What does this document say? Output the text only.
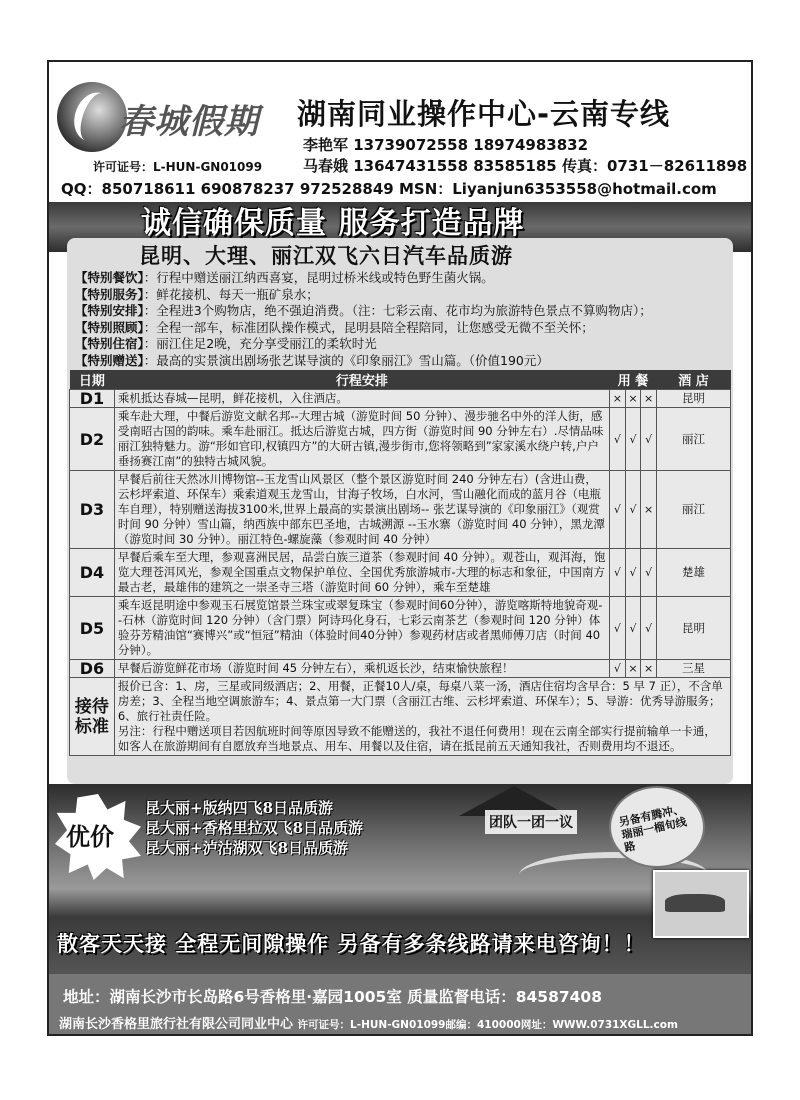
春城假期
许可证号：L-HUN-GN01099
湖南同业操作中心-云南专线
李艳军 13739072558 18974983832
马春娥 13647431558 83585185 传真：0731－82611898
QQ：850718611 690878237 972528849 MSN：Liyanjun6353558@hotmail.com
诚信确保质量 服务打造品牌
昆明、大理、丽江双飞六日汽车品质游
【特别餐饮】：行程中赠送丽江纳西喜宴，昆明过桥米线或特色野生菌火锅。
【特别服务】：鲜花接机、每天一瓶矿泉水；
【特别安排】：全程进3个购物店，绝不强迫消费。（注：七彩云南、花市均为旅游特色景点不算购物店）；
【特别照顾】：全程一部车，标准团队操作模式，昆明县陪全程陪同，让您感受无微不至关怀；
【特别住宿】：丽江住足2晚，充分享受丽江的柔软时光
【特别赠送】：最高的实景演出剧场张艺谋导演的《印象丽江》雪山篇。（价值190元）
日期	行程安排	用 餐			酒 店
D1	乘机抵达春城—昆明，鲜花接机，入住酒店。	×	×	×	昆明
D2	乘车赴大理，中餐后游览文献名邦--大理古城（游览时间 50 分钟）、漫步驰名中外的洋人街，感受南昭古国的韵味。乘车赴丽江。抵达后游览古城，四方街（游览时间 90 分钟左右）.尽情品味丽江独特魅力。游“形如官印,权镇四方”的大研古镇,漫步街市,您将领略到”家家溪水绕户转,户户垂扬赛江南”的独特古城风貌。	√	√	√	丽江
D3	早餐后前往天然冰川博物馆--玉龙雪山风景区（整个景区游览时间 240 分钟左右）(含进山费，云杉坪索道、环保车）乘索道观玉龙雪山，甘海子牧场，白水河，雪山融化而成的蓝月谷（电瓶车自理），特别赠送海拔3100米,世界上最高的实景演出剧场-- 张艺谋导演的《印象丽江》（观赏时间 90 分钟）雪山篇，纳西族中部东巴圣地，古城溯源 --玉水寨（游览时间 40 分钟），黑龙潭（游览时间 30 分钟）。丽江特色-螺旋藻（参观时间 40 分钟）	√	√	×	丽江
D4	早餐后乘车至大理，参观喜洲民居，品尝白族三道茶（参观时间 40 分钟）。观苍山，观洱海，饱览大理苍洱风光，参观全国重点文物保护单位、全国优秀旅游城市-大理的标志和象征，中国南方最古老，最雄伟的建筑之一崇圣寺三塔（游览时间 60 分钟），乘车至楚雄	√	√	√	楚雄
D5	乘车返昆明途中参观玉石展览馆景兰珠宝或翠复珠宝（参观时间60分钟），游览喀斯特地貌奇观--石林（游览时间 120 分钟）（含门票）阿诗玛化身石，七彩云南茶艺（参观时间 120 分钟）体验芬芳精油馆“赛博兴”或“恒冠”精油（体验时间40分钟）参观药材店或者黑师傅刀店（时间 40 分钟）。	√	√	√	昆明
D6	早餐后游览鲜花市场（游览时间 45 分钟左右），乘机返长沙，结束愉快旅程！	√	×	×	三星
接待标准	报价已含：1、房，三星或同级酒店；2、用餐，正餐10人/桌，每桌八菜一汤，酒店住宿均含早合：5 早 7 正），不含单房差；3、全程当地空调旅游车；4、景点第一大门票（含丽江古维、云杉坪索道、环保车）；5、导游：优秀导游服务；6、旅行社责任险。
另注：行程中赠送项目若因航班时间等原因导致不能赠送的，我社不退任何费用！现在云南全部实行提前输单一卡通，如客人在旅游期间有自愿放弃当地景点、用车、用餐以及住宿，请在抵昆前五天通知我社，否则费用均不退还。				
优价
昆大丽+版纳四飞8日品质游
昆大丽+香格里拉双飞8日品质游
昆大丽+泸沽湖双飞8日品质游
团队一团一议	另备有腾冲、瑞丽一榴旬线路
散客天天接 全程无间隙操作 另备有多条线路请来电咨询！！
地址：湖南长沙市长岛路6号香格里·嘉园1005室 质量监督电话：84587408
湖南长沙香格里旅行社有限公司同业中心 许可证号：L-HUN-GN01099邮编：410000网址：WWW.0731XGLL.com
